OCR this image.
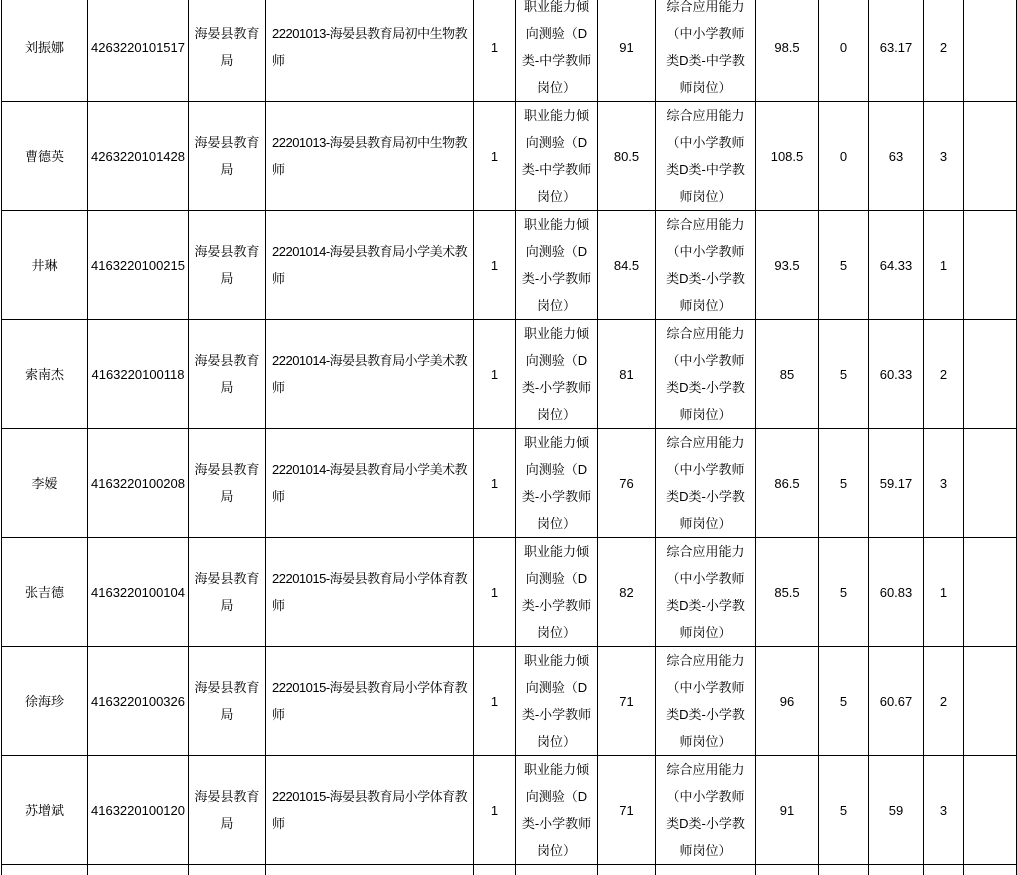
刘振娜	4263220101517	海晏县教育局	22201013-海晏县教育局初中生物教师	1	职业能力倾向测验（D类-中学教师岗位）	91	综合应用能力（中小学教师类D类-中学教师岗位）	98.5	0	63.17	2	
曹德英	4263220101428	海晏县教育局	22201013-海晏县教育局初中生物教师	1	职业能力倾向测验（D类-中学教师岗位）	80.5	综合应用能力（中小学教师类D类-中学教师岗位）	108.5	0	63	3	
井琳	4163220100215	海晏县教育局	22201014-海晏县教育局小学美术教师	1	职业能力倾向测验（D类-小学教师岗位）	84.5	综合应用能力（中小学教师类D类-小学教师岗位）	93.5	5	64.33	1	
索南杰	4163220100118	海晏县教育局	22201014-海晏县教育局小学美术教师	1	职业能力倾向测验（D类-小学教师岗位）	81	综合应用能力（中小学教师类D类-小学教师岗位）	85	5	60.33	2	
李嫒	4163220100208	海晏县教育局	22201014-海晏县教育局小学美术教师	1	职业能力倾向测验（D类-小学教师岗位）	76	综合应用能力（中小学教师类D类-小学教师岗位）	86.5	5	59.17	3	
张吉德	4163220100104	海晏县教育局	22201015-海晏县教育局小学体育教师	1	职业能力倾向测验（D类-小学教师岗位）	82	综合应用能力（中小学教师类D类-小学教师岗位）	85.5	5	60.83	1	
徐海珍	4163220100326	海晏县教育局	22201015-海晏县教育局小学体育教师	1	职业能力倾向测验（D类-小学教师岗位）	71	综合应用能力（中小学教师类D类-小学教师岗位）	96	5	60.67	2	
苏增斌	4163220100120	海晏县教育局	22201015-海晏县教育局小学体育教师	1	职业能力倾向测验（D类-小学教师岗位）	71	综合应用能力（中小学教师类D类-小学教师岗位）	91	5	59	3	
